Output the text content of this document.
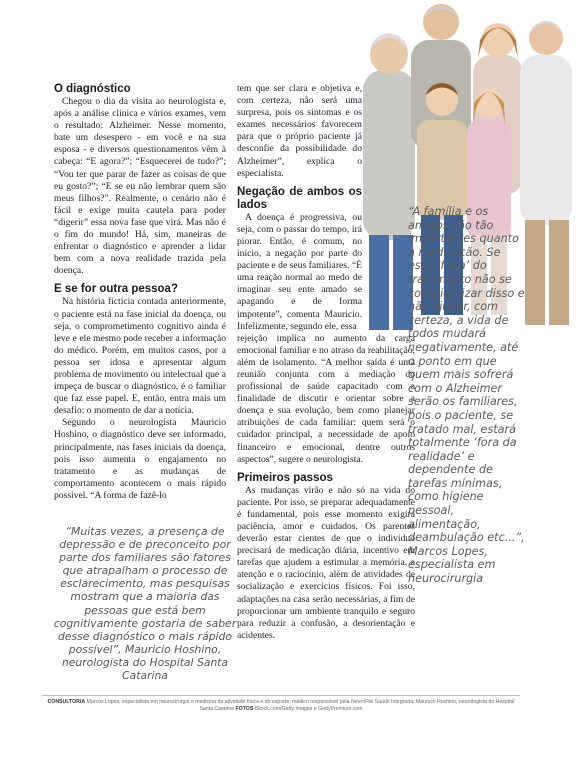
O diagnóstico

Chegou o dia da visita ao neurologista e, após a análise clínica e vários exames, vem o resultado: Alzheimer. Nesse momento, bate um desespero - em você e na sua esposa - e diversos questionamentos vêm à cabeça: “E agora?”; “Esquecerei de tudo?”; “Vou ter que parar de fazer as coisas de que eu gosto?”; “E se eu não lembrar quem são meus filhos?”. Realmente, o cenário não é fácil e exige muita cautela para poder “digerir” essa nova fase que virá. Mas não é o fim do mundo! Há, sim, maneiras de enfrentar o diagnóstico e aprender a lidar bem com a nova realidade trazida pela doença.

E se for outra pessoa?

Na história fictícia contada anteriormente, o paciente está na fase inicial da doença, ou seja, o comprometimento cognitivo ainda é leve e ele mesmo pode receber a informação do médico. Porém, em muitos casos, por a pessoa ser idosa e apresentar algum problema de movimento ou intelectual que a impeça de buscar o diagnóstico, é o familiar que faz esse papel. E, então, entra mais um desafio: o momento de dar a notícia.

Segundo o neurologista Mauricio Hoshino, o diagnóstico deve ser informado, principalmente, nas fases iniciais da doença, pois isso aumenta o engajamento no tratamento e as mudanças de comportamento acontecem o mais rápido possível. “A forma de fazê-lo

tem que ser clara e objetiva e, com certeza, não será uma surpresa, pois os sintomas e os exames necessários favorecem para que o próprio paciente já desconfie da possibilidade do Alzheimer”, explica o especialista.

Negação de ambos os lados

A doença é progressiva, ou seja, com o passar do tempo, irá piorar. Então, é comum, no início, a negação por parte do paciente e de seus familiares. “É uma reação normal ao medo de imaginar seu ente amado se apagando e de forma impotente”, comenta Mauricio. Infelizmente, segundo ele, essa

rejeição implica no aumento da carga emocional familiar e no atraso da reabilitação, além de isolamento. “A melhor saída é uma reunião conjunta com a mediação do profissional de saúde capacitado com a finalidade de discutir e orientar sobre a doença e sua evolução, bem como planejar atribuições de cada familiar: quem será o cuidador principal, a necessidade de apoio financeiro e emocional, dentre outros aspectos”, sugere o neurologista.

Primeiros passos

As mudanças virão e não só na vida do paciente. Por isso, se preparar adequadamente é fundamental, pois esse momento exigirá paciência, amor e cuidados. Os parentes deverão estar cientes de que o indivíduo precisará de medicação diária, incentivo em tarefas que ajudem a estimular a memória, a atenção e o raciocínio, além de atividades de socialização e exercícios físicos. Foi isso, adaptações na casa serão necessárias, a fim de proporcionar um ambiente tranquilo e seguro para reduzir a confusão, a desorientação e acidentes.

“Muitas vezes, a presença de depressão e de preconceito por parte dos familiares são fatores que atrapalham o processo de esclarecimento, mas pesquisas mostram que a maioria das pessoas que está bem cognitivamente gostaria de saber desse diagnóstico o mais rápido possível”, Mauricio Hoshino, neurologista do Hospital Santa Catarina
“A família e os amigos são tão importantes quanto a medicação. Se essa ‘fatia’ do tratamento não se conscientizar disso e não ajudar, com certeza, a vida de todos mudará negativamente, até o ponto em que quem mais sofrerá com o Alzheimer serão os familiares, pois o paciente, se tratado mal, estará totalmente ‘fora da realidade’ e dependente de tarefas mínimas, como higiene pessoal, alimentação, deambulação etc...”, Marcos Lopes, especialista em neurocirurgia
CONSULTORIA Marcos Lopes, especialista em neurocirurgia e medicina da atividade física e do esporte, médico responsável pela NeuroFisi Saúde Integrada; Mauricio Hoshino, neurologista do Hospital Santa Catarina FOTOS iStock.com/Getty Images e GettyPremium.com
